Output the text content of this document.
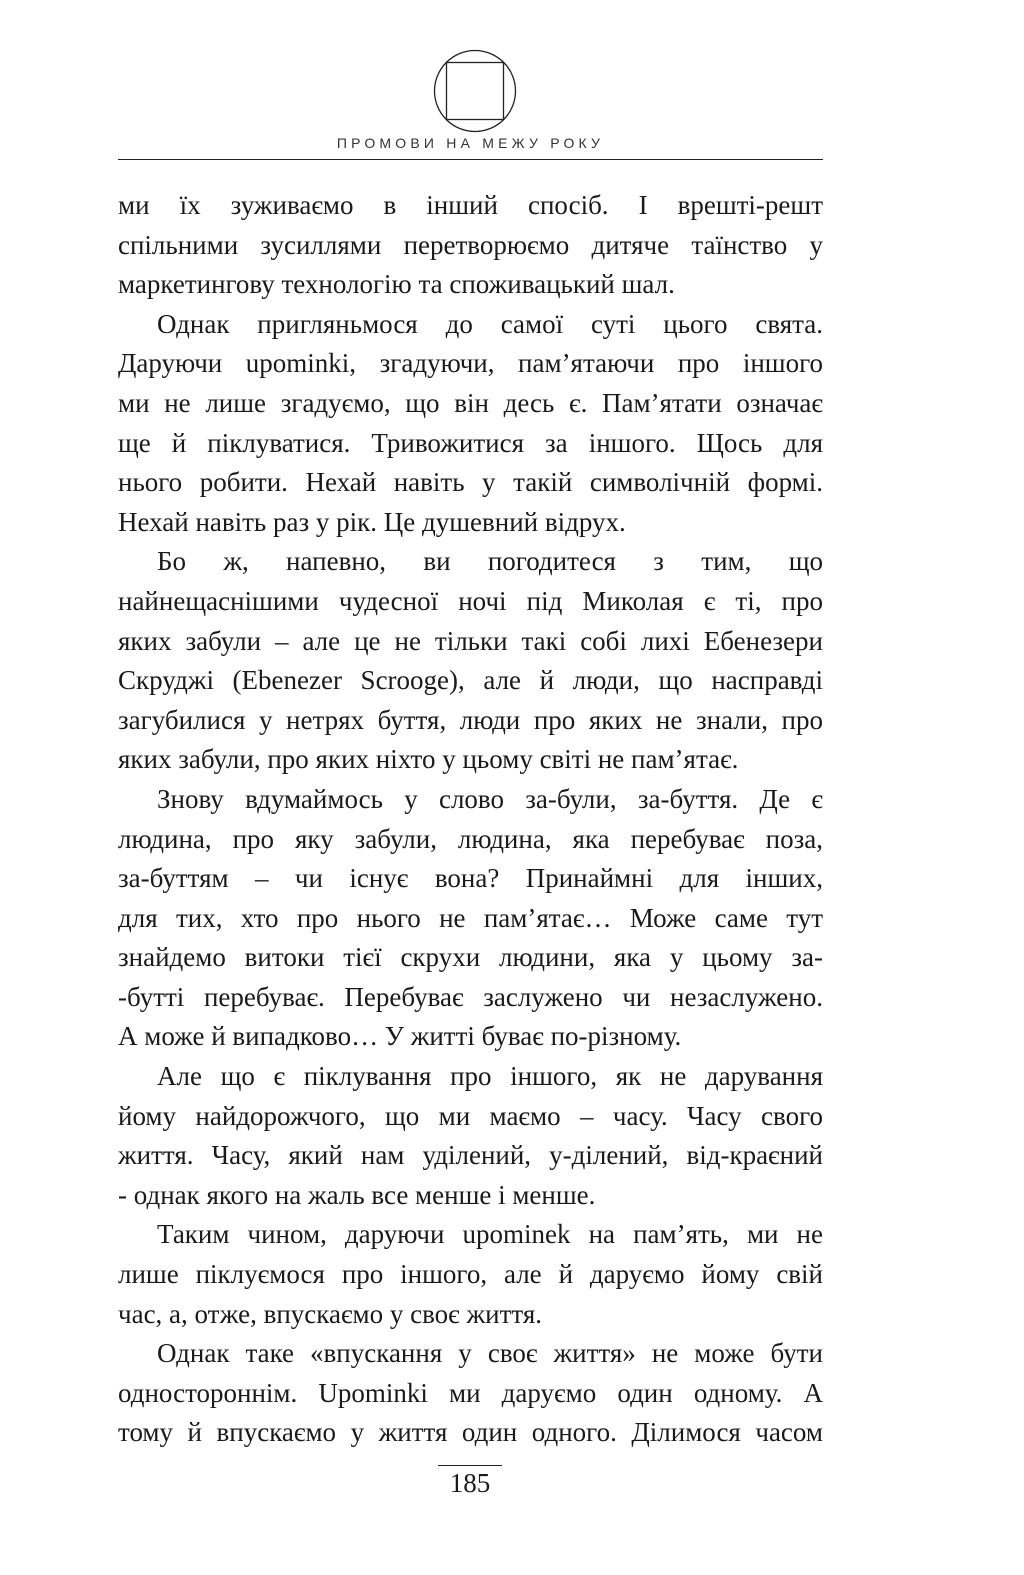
ПРОМОВИ НА МЕЖУ РОКУ
ми їх зуживаємо в інший спосіб. І врешті-решт
спільними зусиллями перетворюємо дитяче таїнство у
маркетингову технологію та споживацький шал.
Однак пригляньмося до самої суті цього свята.
Даруючи upominki, згадуючи, пам’ятаючи про іншого
ми не лише згадуємо, що він десь є. Пам’ятати означає
ще й піклуватися. Тривожитися за іншого. Щось для
нього робити. Нехай навіть у такій символічній формі.
Нехай навіть раз у рік. Це душевний відрух.
Бо ж, напевно, ви погодитеся з тим, що
найнещаснішими чудесної ночі під Миколая є ті, про
яких забули – але це не тільки такі собі лихі Ебенезери
Скруджі (Ebenezer Scrooge), але й люди, що насправді
загубилися у нетрях буття, люди про яких не знали, про
яких забули, про яких ніхто у цьому світі не пам’ятає.
Знову вдумаймось у слово за-були, за-буття. Де є
людина, про яку забули, людина, яка перебуває поза,
за-буттям – чи існує вона? Принаймні для інших,
для тих, хто про нього не пам’ятає… Може саме тут
знайдемо витоки тієї скрухи людини, яка у цьому за-
-бутті перебуває. Перебуває заслужено чи незаслужено.
А може й випадково… У житті буває по-різному.
Але що є піклування про іншого, як не дарування
йому найдорожчого, що ми маємо – часу. Часу свого
життя. Часу, який нам уділений, у-ділений, від-краєний
- однак якого на жаль все менше і менше.
Таким чином, даруючи upominek на пам’ять, ми не
лише піклуємося про іншого, але й даруємо йому свій
час, а, отже, впускаємо у своє життя.
Однак таке «впускання у своє життя» не може бути
одностороннім. Upominki ми даруємо один одному. А
тому й впускаємо у життя один одного. Ділимося часом
185
